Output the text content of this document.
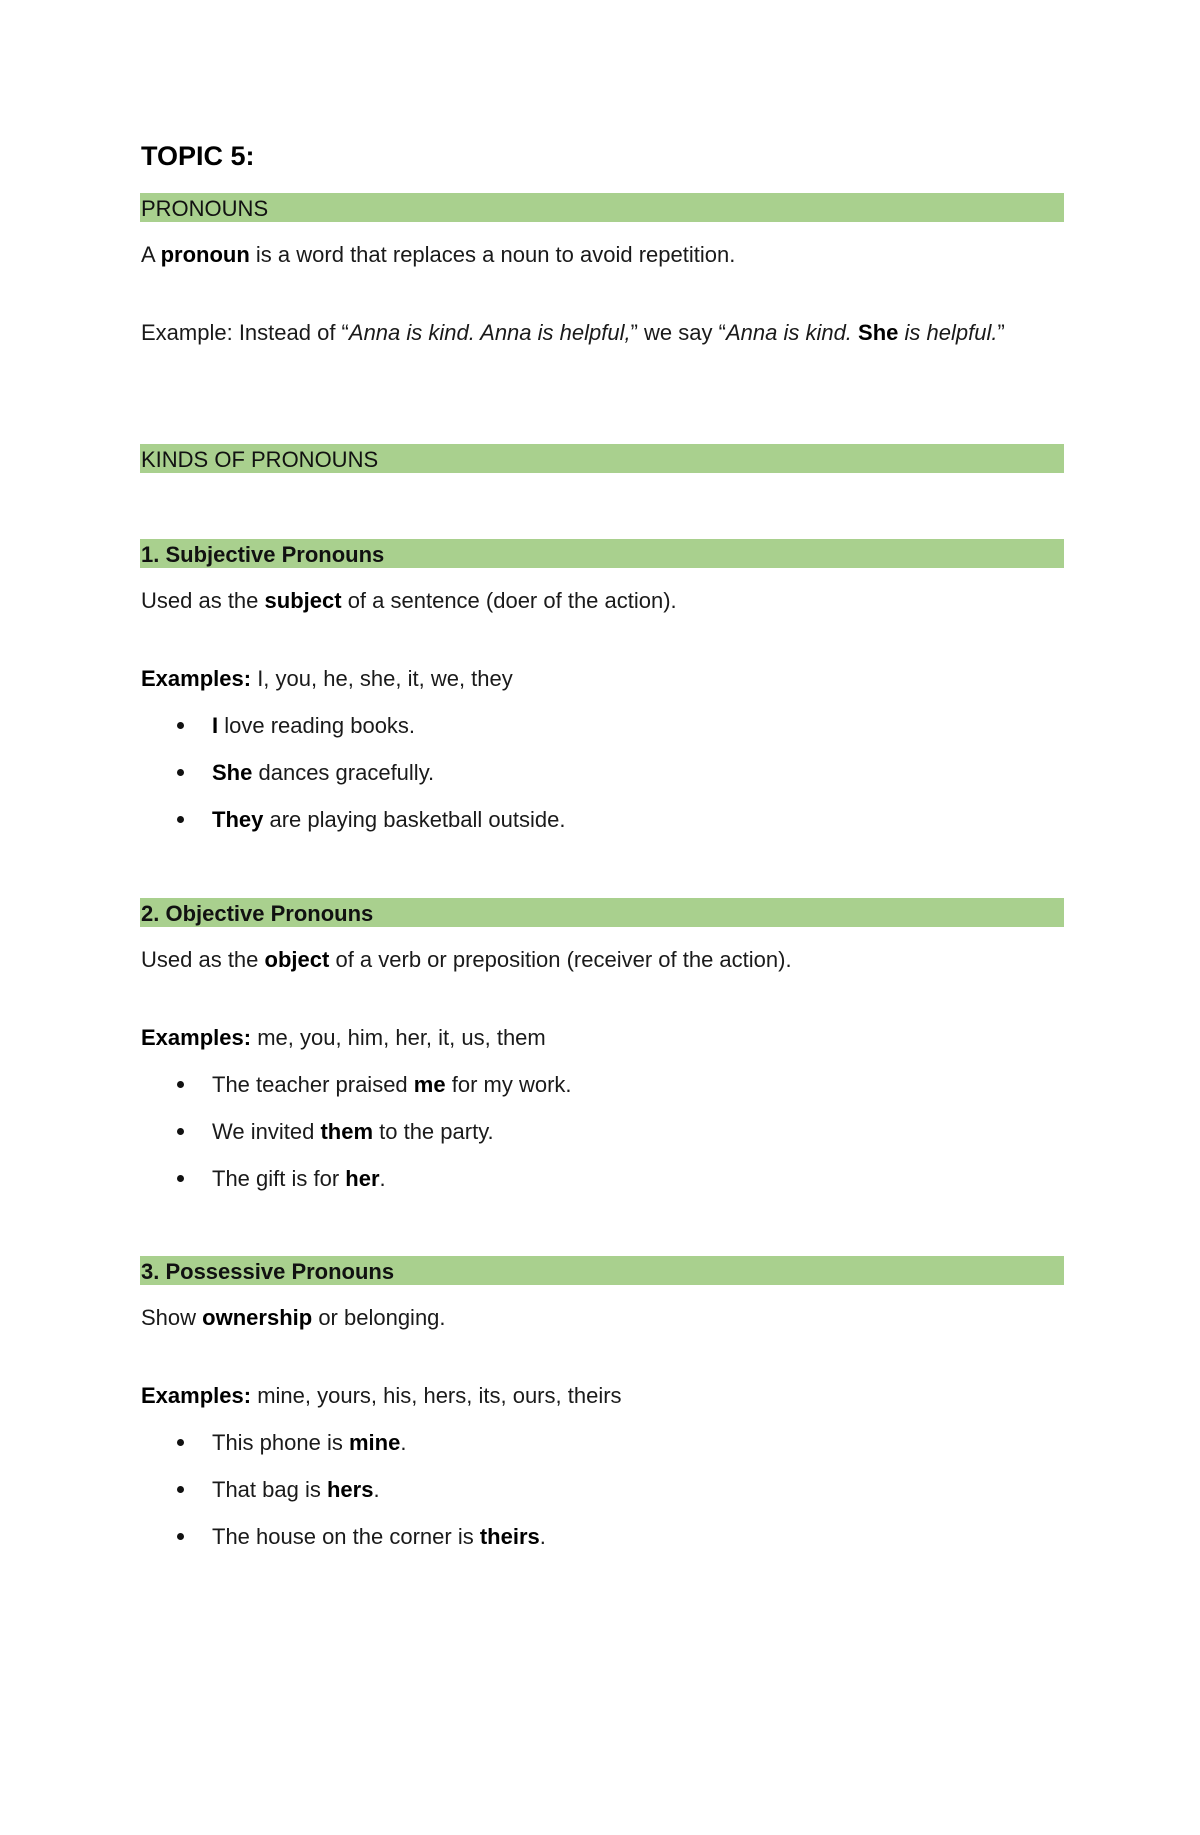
TOPIC 5:
PRONOUNS

A pronoun is a word that replaces a noun to avoid repetition.

Example: Instead of “Anna is kind. Anna is helpful,” we say “Anna is kind. She is helpful.”

KINDS OF PRONOUNS
1. Subjective Pronouns

Used as the subject of a sentence (doer of the action).

Examples: I, you, he, she, it, we, they

I love reading books.
She dances gracefully.
They are playing basketball outside.
2. Objective Pronouns

Used as the object of a verb or preposition (receiver of the action).

Examples: me, you, him, her, it, us, them

The teacher praised me for my work.
We invited them to the party.
The gift is for her.
3. Possessive Pronouns

Show ownership or belonging.

Examples: mine, yours, his, hers, its, ours, theirs

This phone is mine.
That bag is hers.
The house on the corner is theirs.
